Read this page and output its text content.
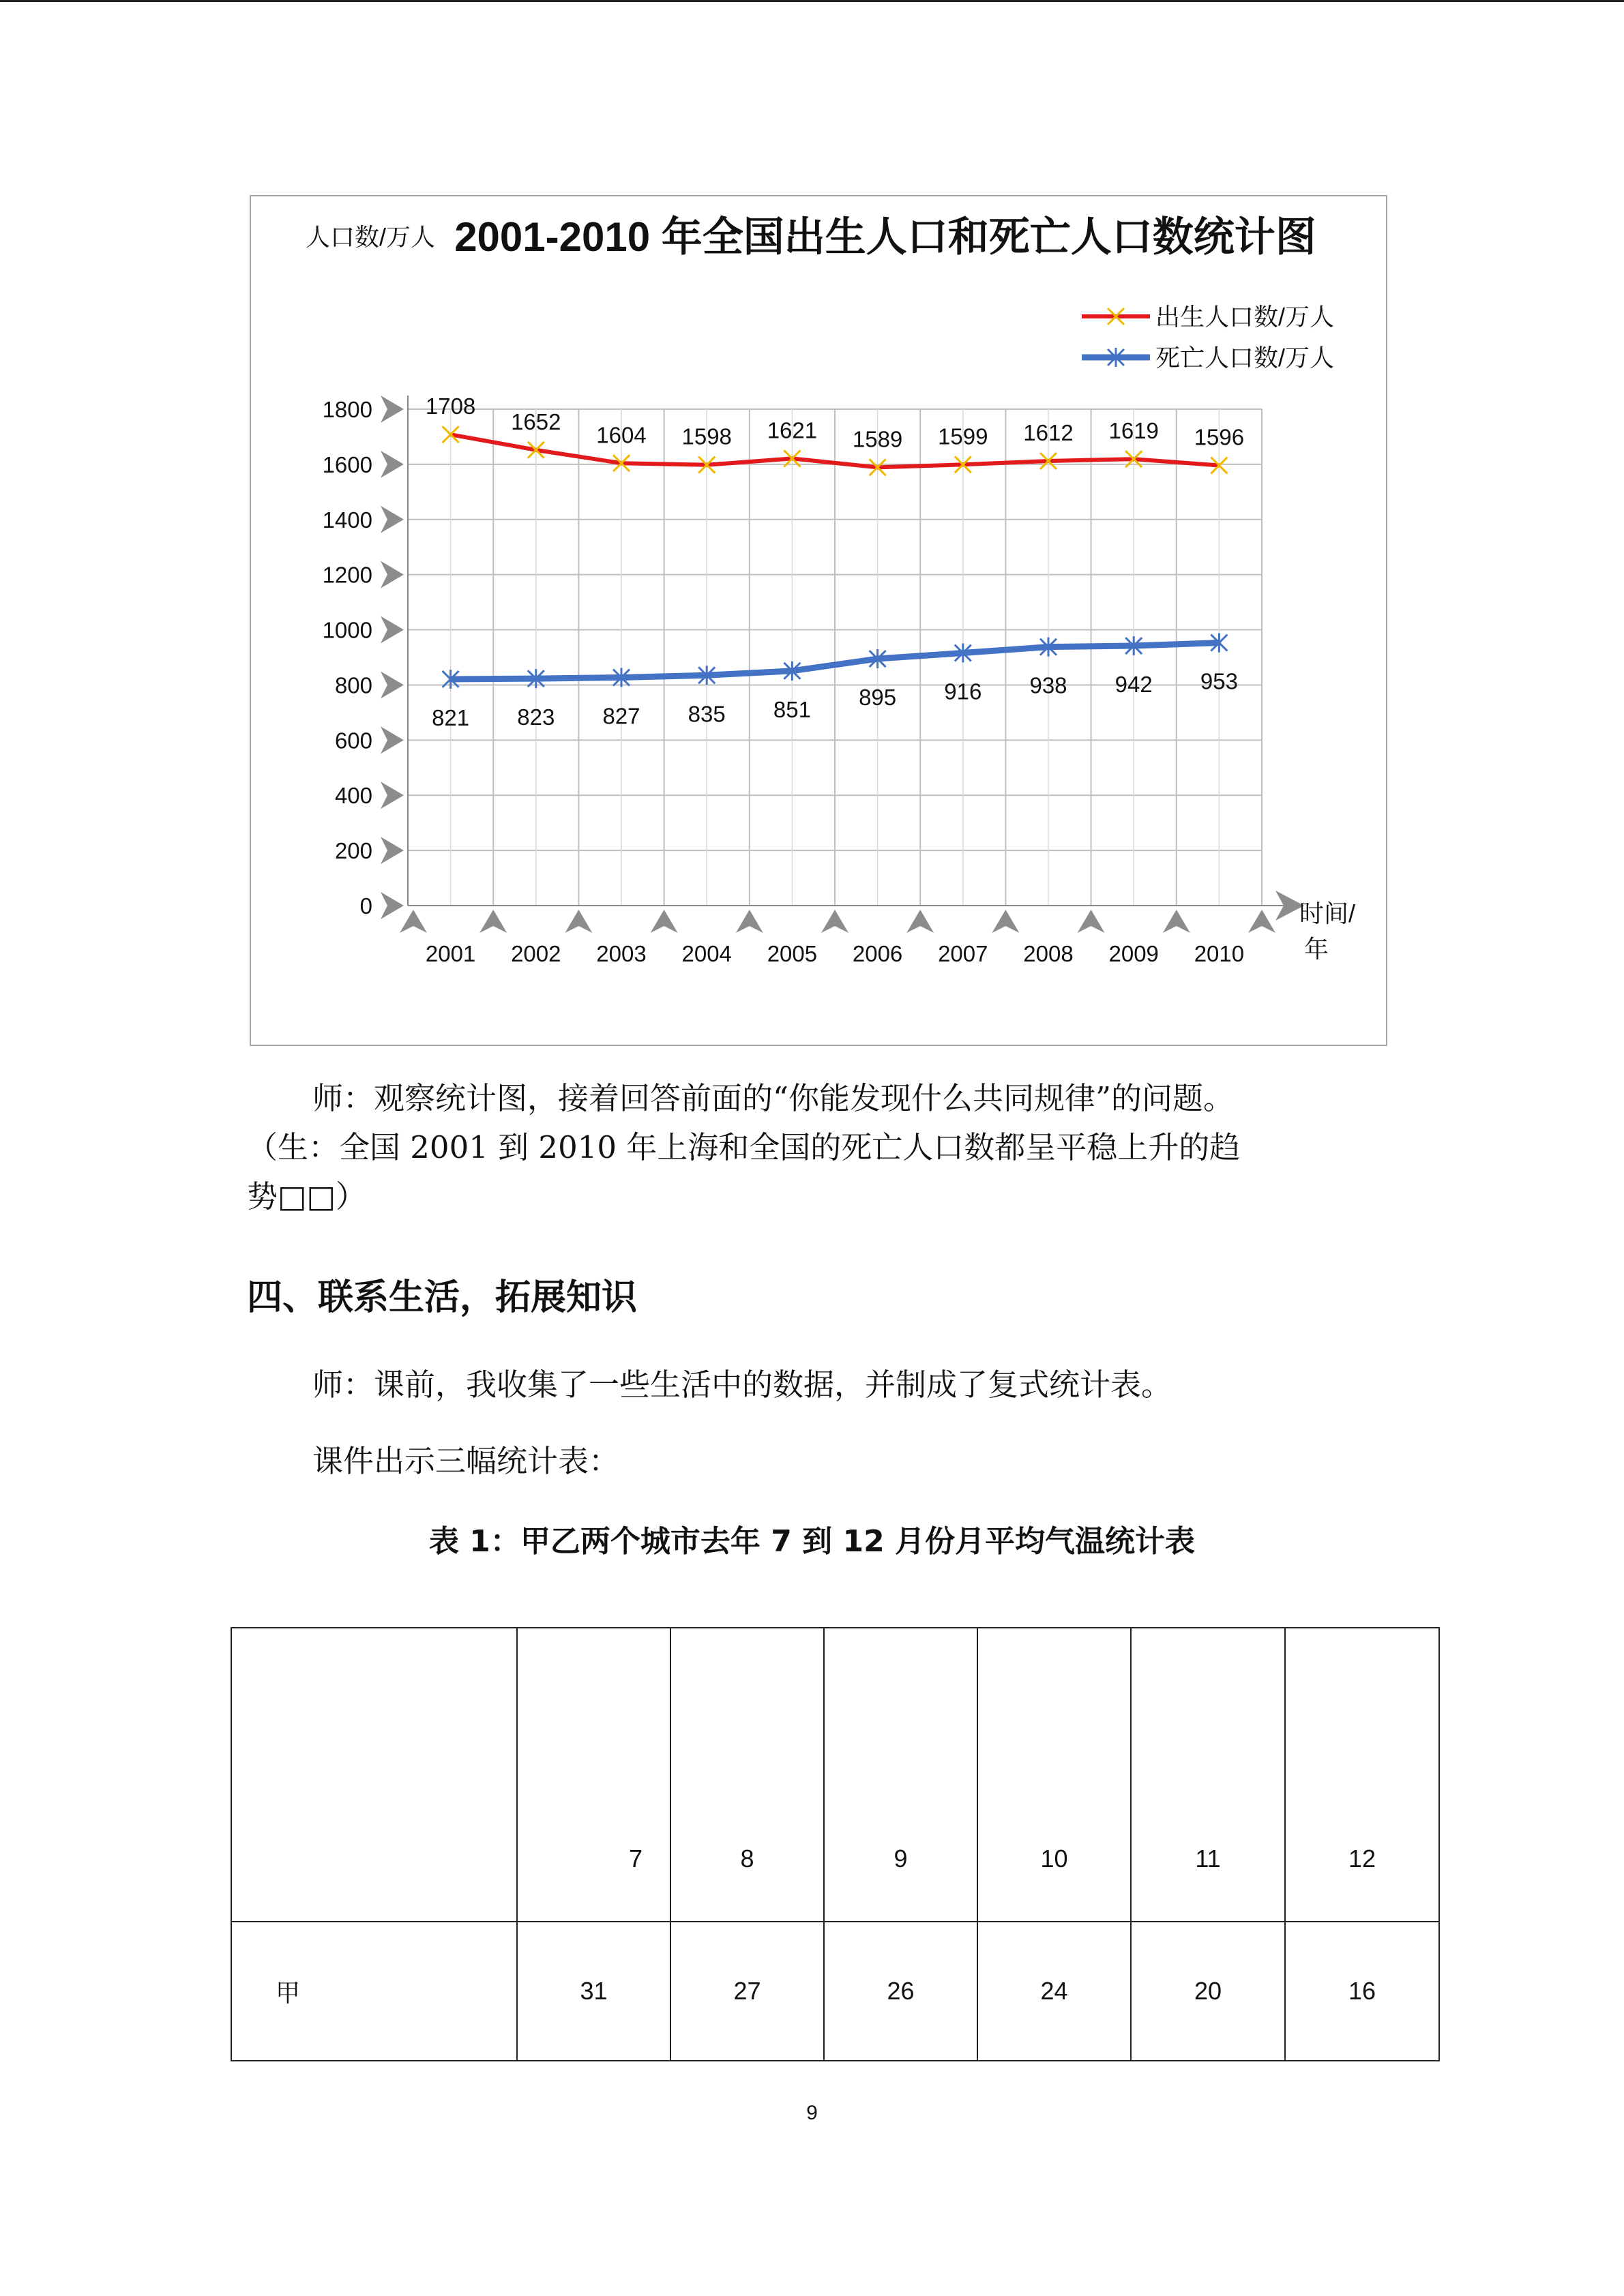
2001-2010 年全国出生人口和死亡人口数统计图
人口数/万人
0
200
400
600
800
1000
1200
1400
1600
1800
2001 2002 2003 2004 2005 2006 2007 2008 2009 2010
时间/年
1708
1652
1604 1598 1621 1589 1599 1612 1619 1596
821 823 827 835 851 895 916 938 942 953
出生人口数/万人
死亡人口数/万人

师：观察统计图，接着回答前面的“你能发现什么共同规律”的问题。

（生：全国 2001 到 2010 年上海和全国的死亡人口数都呈平稳上升的趋

势□□）

四、联系生活，拓展知识

师：课前，我收集了一些生活中的数据，并制成了复式统计表。

课件出示三幅统计表：

表 1：甲乙两个城市去年 7 到 12 月份月平均气温统计表

	7	8	9	10	11	12
甲	31	27	26	24	20	16
9
